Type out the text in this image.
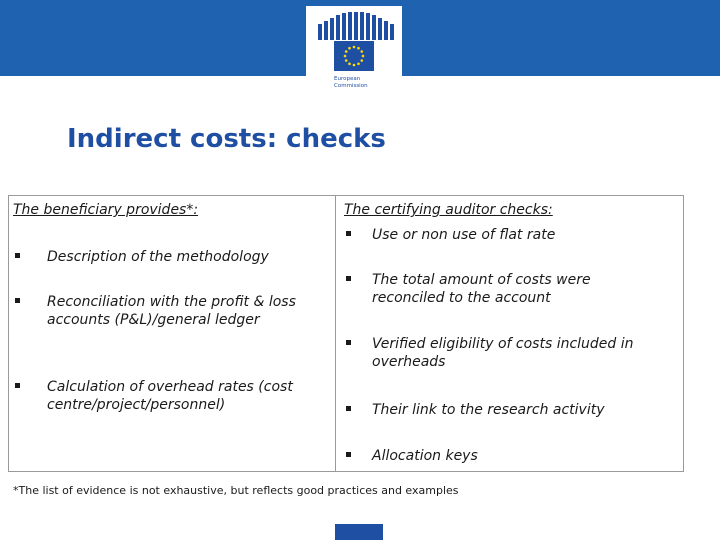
European
Commission
Indirect costs: checks
The beneficiary provides*:
Description of the methodology
Reconciliation with the profit & loss accounts (P&L)/general ledger
Calculation of overhead rates (cost centre/project/personnel)
The certifying auditor checks:
Use or non use of flat rate
The total amount of costs were reconciled to the account
Verified eligibility of costs included in overheads
Their link to the research activity
Allocation keys
*The list of evidence is not exhaustive, but reflects good practices and examples
